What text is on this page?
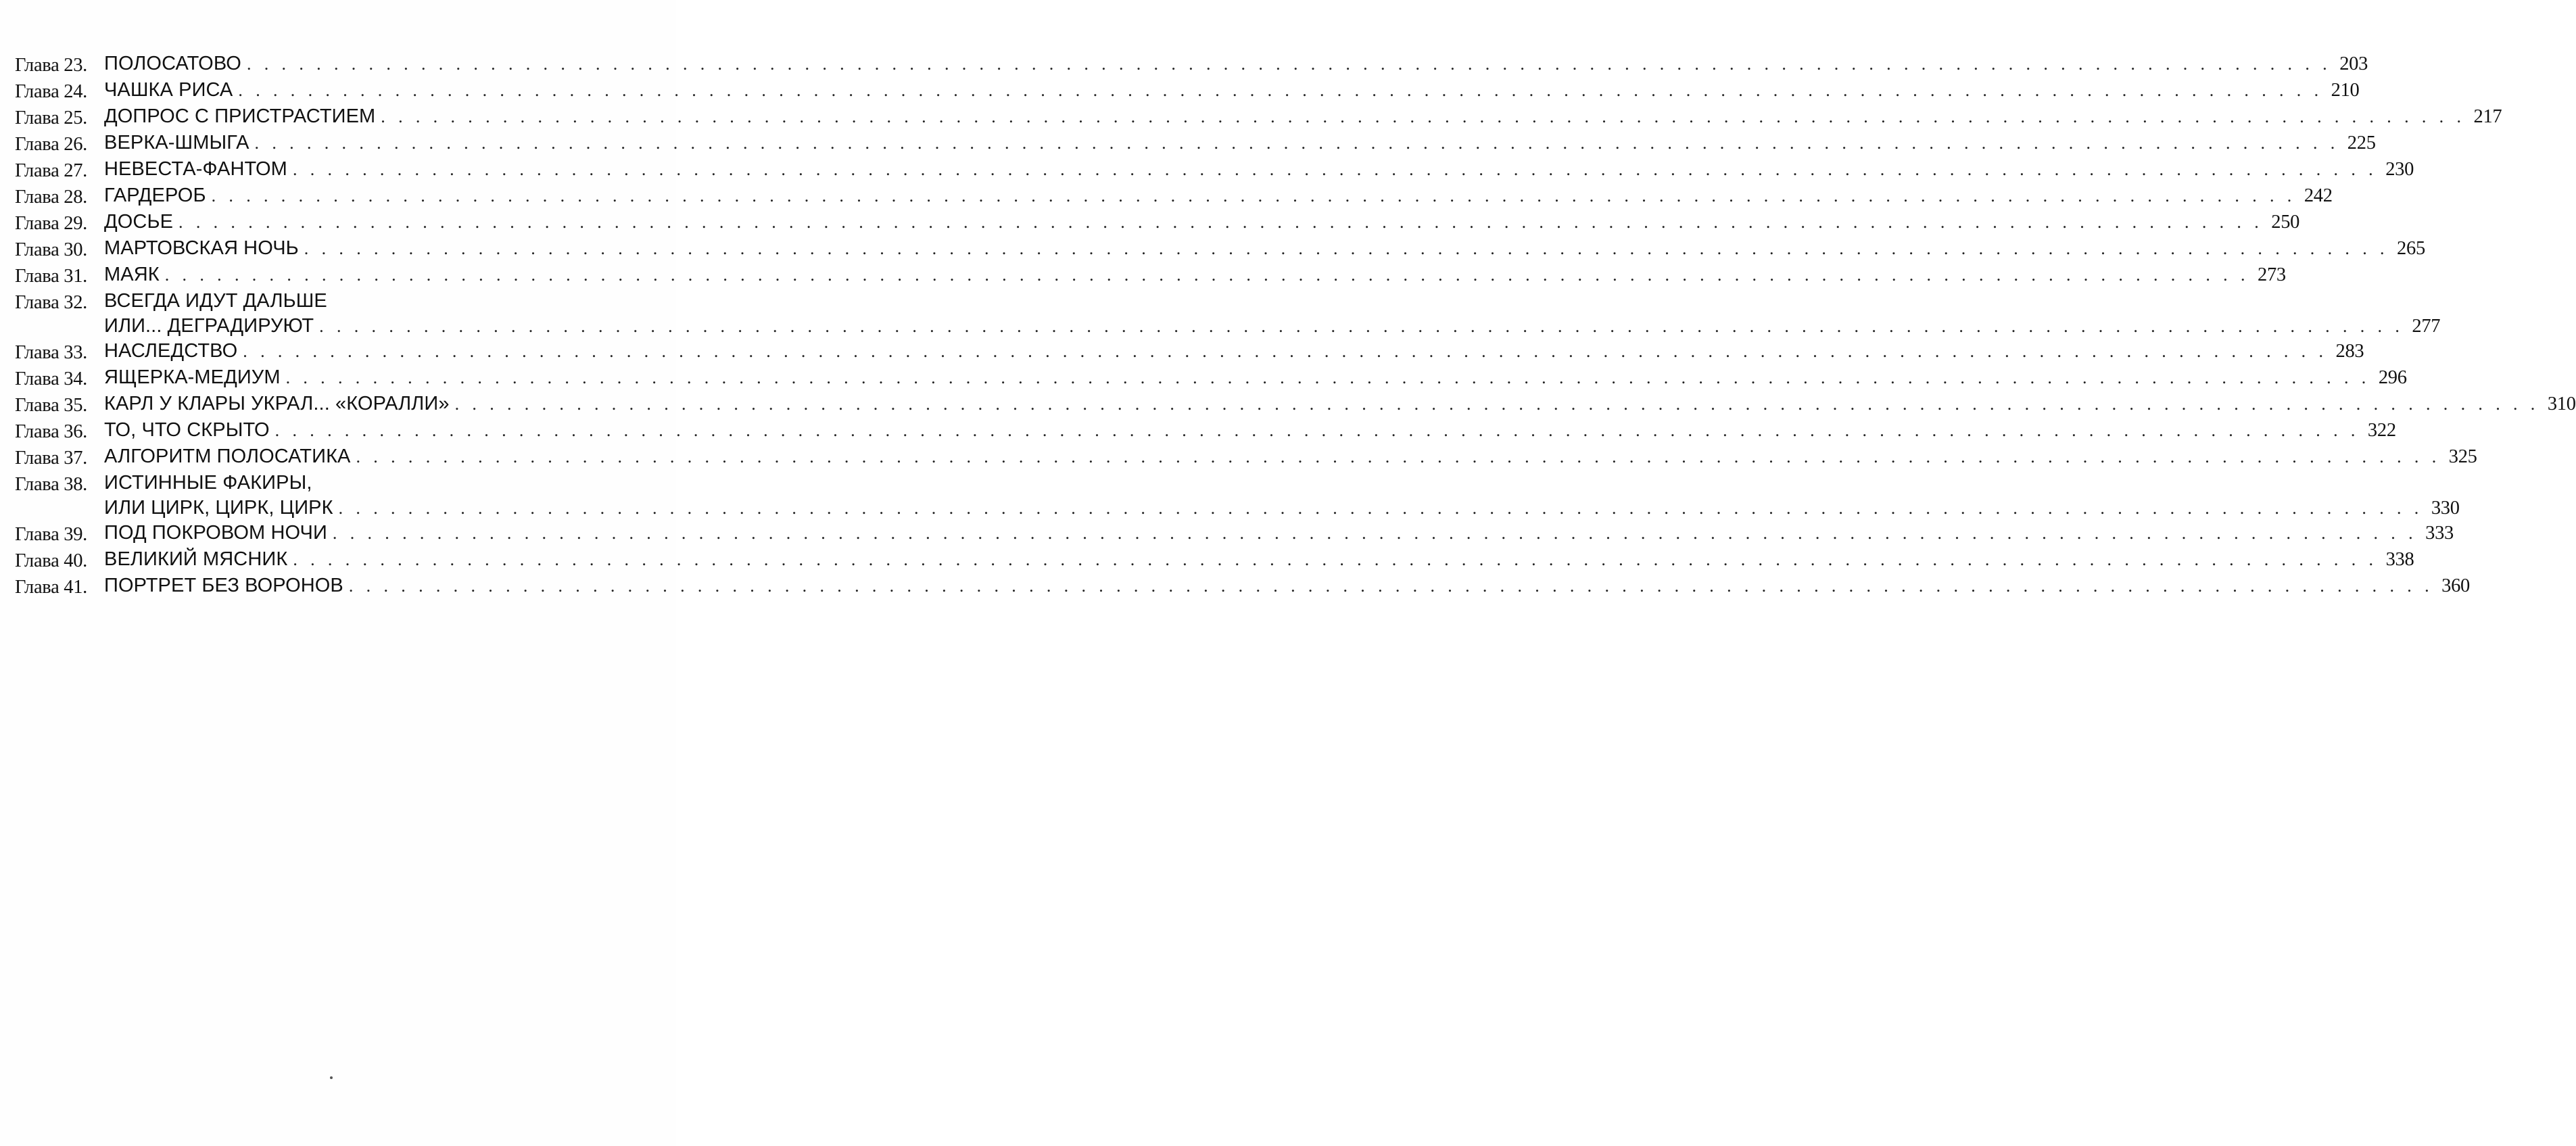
Глава 23. ПОЛОСАТОВО . . . . . . . . . . . . . . . . . . . . . . . . . . . . . . . . . . . . . . . . . . . . . . . . . . . . . . . . . . . . . . . . . . . . . . . . . . . . . . . . . . . . . . . . . . . . . . . . . . . . . . . . . . . . . . . . . . . . . . . . 203
Глава 24. ЧАШКА РИСА . . . . . . . . . . . . . . . . . . . . . . . . . . . . . . . . . . . . . . . . . . . . . . . . . . . . . . . . . . . . . . . . . . . . . . . . . . . . . . . . . . . . . . . . . . . . . . . . . . . . . . . . . . . . . . . . . . . . . . . . 210
Глава 25. ДОПРОС С ПРИСТРАСТИЕМ . . . . . . . . . . . . . . . . . . . . . . . . . . . . . . . . . . . . . . . . . . . . . . . . . . . . . . . . . . . . . . . . . . . . . . . . . . . . . . . . . . . . . . . . . . . . . . . . . . . . . . . . . . . . . . . . . . . . . . . . 217
Глава 26. ВЕРКА-ШМЫГА . . . . . . . . . . . . . . . . . . . . . . . . . . . . . . . . . . . . . . . . . . . . . . . . . . . . . . . . . . . . . . . . . . . . . . . . . . . . . . . . . . . . . . . . . . . . . . . . . . . . . . . . . . . . . . . . . . . . . . . . 225
Глава 27. НЕВЕСТА-ФАНТОМ . . . . . . . . . . . . . . . . . . . . . . . . . . . . . . . . . . . . . . . . . . . . . . . . . . . . . . . . . . . . . . . . . . . . . . . . . . . . . . . . . . . . . . . . . . . . . . . . . . . . . . . . . . . . . . . . . . . . . . . . 230
Глава 28. ГАРДЕРОБ . . . . . . . . . . . . . . . . . . . . . . . . . . . . . . . . . . . . . . . . . . . . . . . . . . . . . . . . . . . . . . . . . . . . . . . . . . . . . . . . . . . . . . . . . . . . . . . . . . . . . . . . . . . . . . . . . . . . . . . . 242
Глава 29. ДОСЬЕ . . . . . . . . . . . . . . . . . . . . . . . . . . . . . . . . . . . . . . . . . . . . . . . . . . . . . . . . . . . . . . . . . . . . . . . . . . . . . . . . . . . . . . . . . . . . . . . . . . . . . . . . . . . . . . . . . . . . . . . . 250
Глава 30. МАРТОВСКАЯ НОЧЬ . . . . . . . . . . . . . . . . . . . . . . . . . . . . . . . . . . . . . . . . . . . . . . . . . . . . . . . . . . . . . . . . . . . . . . . . . . . . . . . . . . . . . . . . . . . . . . . . . . . . . . . . . . . . . . . . . . . . . . . . 265
Глава 31. МАЯК . . . . . . . . . . . . . . . . . . . . . . . . . . . . . . . . . . . . . . . . . . . . . . . . . . . . . . . . . . . . . . . . . . . . . . . . . . . . . . . . . . . . . . . . . . . . . . . . . . . . . . . . . . . . . . . . . . . . . . . . 273
Глава 32. ВСЕГДА ИДУТ ДАЛЬШЕ
ИЛИ... ДЕГРАДИРУЮТ . . . . . . . . . . . . . . . . . . . . . . . . . . . . . . . . . . . . . . . . . . . . . . . . . . . . . . . . . . . . . . . . . . . . . . . . . . . . . . . . . . . . . . . . . . . . . . . . . . . . . . . . . . . . . . . . . . . . . . . . 277
Глава 33. НАСЛЕДСТВО . . . . . . . . . . . . . . . . . . . . . . . . . . . . . . . . . . . . . . . . . . . . . . . . . . . . . . . . . . . . . . . . . . . . . . . . . . . . . . . . . . . . . . . . . . . . . . . . . . . . . . . . . . . . . . . . . . . . . . . . 283
Глава 34. ЯЩЕРКА-МЕДИУМ . . . . . . . . . . . . . . . . . . . . . . . . . . . . . . . . . . . . . . . . . . . . . . . . . . . . . . . . . . . . . . . . . . . . . . . . . . . . . . . . . . . . . . . . . . . . . . . . . . . . . . . . . . . . . . . . . . . . . . . . 296
Глава 35. КАРЛ У КЛАРЫ УКРАЛ... «КОРАЛЛИ» . . . . . . . . . . . . . . . . . . . . . . . . . . . . . . . . . . . . . . . . . . . . . . . . . . . . . . . . . . . . . . . . . . . . . . . . . . . . . . . . . . . . . . . . . . . . . . . . . . . . . . . . . . . . . . . . . . . . . . . . 310
Глава 36. ТО, ЧТО СКРЫТО . . . . . . . . . . . . . . . . . . . . . . . . . . . . . . . . . . . . . . . . . . . . . . . . . . . . . . . . . . . . . . . . . . . . . . . . . . . . . . . . . . . . . . . . . . . . . . . . . . . . . . . . . . . . . . . . . . . . . . . . 322
Глава 37. АЛГОРИТМ ПОЛОСАТИКА . . . . . . . . . . . . . . . . . . . . . . . . . . . . . . . . . . . . . . . . . . . . . . . . . . . . . . . . . . . . . . . . . . . . . . . . . . . . . . . . . . . . . . . . . . . . . . . . . . . . . . . . . . . . . . . . . . . . . . . . 325
Глава 38. ИСТИННЫЕ ФАКИРЫ,
ИЛИ ЦИРК, ЦИРК, ЦИРК . . . . . . . . . . . . . . . . . . . . . . . . . . . . . . . . . . . . . . . . . . . . . . . . . . . . . . . . . . . . . . . . . . . . . . . . . . . . . . . . . . . . . . . . . . . . . . . . . . . . . . . . . . . . . . . . . . . . . . . . 330
Глава 39. ПОД ПОКРОВОМ НОЧИ . . . . . . . . . . . . . . . . . . . . . . . . . . . . . . . . . . . . . . . . . . . . . . . . . . . . . . . . . . . . . . . . . . . . . . . . . . . . . . . . . . . . . . . . . . . . . . . . . . . . . . . . . . . . . . . . . . . . . . . . 333
Глава 40. ВЕЛИКИЙ МЯСНИК . . . . . . . . . . . . . . . . . . . . . . . . . . . . . . . . . . . . . . . . . . . . . . . . . . . . . . . . . . . . . . . . . . . . . . . . . . . . . . . . . . . . . . . . . . . . . . . . . . . . . . . . . . . . . . . . . . . . . . . . 338
Глава 41. ПОРТРЕТ БЕЗ ВОРОНОВ . . . . . . . . . . . . . . . . . . . . . . . . . . . . . . . . . . . . . . . . . . . . . . . . . . . . . . . . . . . . . . . . . . . . . . . . . . . . . . . . . . . . . . . . . . . . . . . . . . . . . . . . . . . . . . . . . . . . . . . . 360
